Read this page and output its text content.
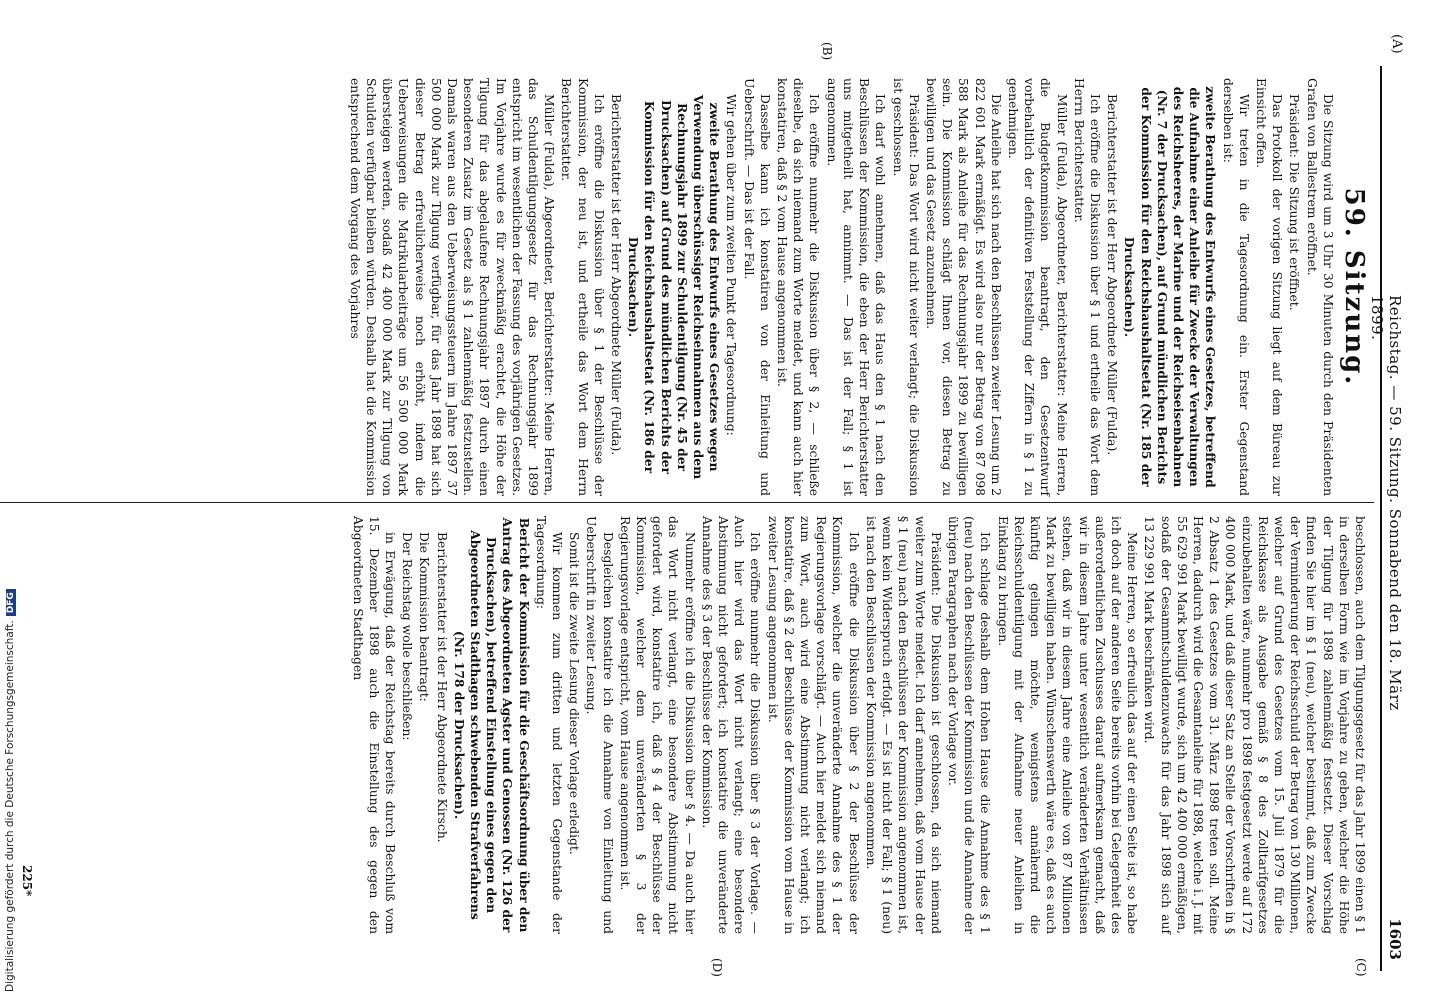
(A)
Reichstag. — 59. Sitzung. Sonnabend den 18. März 1899.
1603

59. Sitzung.

Die Sitzung wird um 3 Uhr 30 Minuten durch den Präsidenten Grafen von Ballestrem eröffnet.

Präsident: Die Sitzung ist eröffnet.

Das Protokoll der vorigen Sitzung liegt auf dem Büreau zur Einsicht offen.

Wir treten in die Tagesordnung ein. Erster Gegenstand derselben ist:

zweite Berathung des Entwurfs eines Gesetzes, betreffend die Aufnahme einer Anleihe für Zwecke der Verwaltungen des Reichsheeres, der Marine und der Reichseisenbahnen (Nr. 7 der Drucksachen), auf Grund mündlichen Berichts der Kommission für den Reichshaushaltsetat (Nr. 185 der Drucksachen).

Berichterstatter ist der Herr Abgeordnete Müller (Fulda).

Ich eröffne die Diskussion über § 1 und ertheile das Wort dem Herrn Berichterstatter.

Müller (Fulda), Abgeordneter, Berichterstatter: Meine Herren, die Budgetkommission beantragt, den Gesetzentwurf vorbehaltlich der definitiven Feststellung der Ziffern in § 1 zu genehmigen.

Die Anleihe hat sich nach den Beschlüssen zweiter Lesung um 2 822 601 Mark ermäßigt. Es wird also nur der Betrag von 87 098 588 Mark als Anleihe für das Rechnungsjahr 1899 zu bewilligen sein. Die Kommission schlägt Ihnen vor, diesen Betrag zu bewilligen und das Gesetz anzunehmen.

Präsident: Das Wort wird nicht weiter verlangt; die Diskussion ist geschlossen.

Ich darf wohl annehmen, daß das Haus den § 1 nach den Beschlüssen der Kommission, die eben der Herr Berichterstatter uns mitgetheilt hat, annimmt. — Das ist der Fall; § 1 ist angenommen.

Ich eröffne nunmehr die Diskussion über § 2, — schließe dieselbe, da sich niemand zum Worte meldet, und kann auch hier konstatiren, daß § 2 vom Hause angenommen ist.

Dasselbe kann ich konstatiren von der Einleitung und Ueberschrift. — Das ist der Fall.

Wir gehen über zum zweiten Punkt der Tagesordnung:

zweite Berathung des Entwurfs eines Gesetzes wegen Verwendung überschüssiger Reichseinnahmen aus dem Rechnungsjahr 1899 zur Schuldentilgung (Nr. 45 der Drucksachen) auf Grund des mündlichen Berichts der Kommission für den Reichshaushaltsetat (Nr. 186 der Drucksachen).

Berichterstatter ist der Herr Abgeordnete Müller (Fulda).

Ich eröffne die Diskussion über § 1 der Beschlüsse der Kommission, der neu ist, und ertheile das Wort dem Herrn Berichterstatter.

Müller (Fulda), Abgeordneter, Berichterstatter: Meine Herren, das Schuldentilgungsgesetz für das Rechnungsjahr 1899 entspricht im wesentlichen der Fassung des vorjährigen Gesetzes. Im Vorjahre wurde es für zweckmäßig erachtet, die Höhe der Tilgung für das abgelaufene Rechnungsjahr 1897 durch einen besonderen Zusatz im Gesetz als § 1 zahlenmäßig festzustellen. Damals waren aus den Ueberweisungssteuern im Jahre 1897 37 500 000 Mark zur Tilgung verfügbar, für das Jahr 1898 hat sich dieser Betrag erfreulicherweise noch erhöht, indem die Ueberweisungen die Matrikularbeiträge um 56 500 000 Mark übersteigen werden, sodaß 42 400 000 Mark zur Tilgung von Schulden verfügbar bleiben würden. Deshalb hat die Kommission entsprechend dem Vorgang des Vorjahres

beschlossen, auch dem Tilgungsgesetz für das Jahr 1899 einen § 1 in derselben Form wie im Vorjahre zu geben, welcher die Höhe der Tilgung für 1898 zahlenmäßig festsetzt. Dieser Vorschlag finden Sie hier im § 1 (neu), welcher bestimmt, daß zum Zwecke der Verminderung der Reichsschuld der Betrag von 130 Millionen, welcher auf Grund des Gesetzes vom 15. Juli 1879 für die Reichskasse als Ausgabe gemäß § 8 des Zolltarifgesetzes einzubehalten wäre, nunmehr pro 1898 festgesetzt werde auf 172 400 000 Mark, und daß dieser Satz an Stelle der Vorschriften in § 2 Absatz 1 des Gesetzes vom 31. März 1898 treten soll. Meine Herren, dadurch wird die Gesamtanleihe für 1898, welche i. J. mit 55 629 991 Mark bewilligt wurde, sich um 42 400 000 ermäßigen, sodaß der Gesammtschuldenzuwachs für das Jahr 1898 sich auf 13 229 991 Mark beschränken wird.

Meine Herren, so erfreulich das auf der einen Seite ist, so habe ich doch auf der anderen Seite bereits vorhin bei Gelegenheit des außerordentlichen Zuschusses darauf aufmerksam gemacht, daß wir in diesem Jahre unter wesentlich veränderten Verhältnissen stehen, daß wir in diesem Jahre eine Anleihe von 87 Millionen Mark zu bewilligen haben. Wünschenswerth wäre es, daß es auch künftig gelingen möchte, wenigstens annähernd die Reichsschuldentilgung mit der Aufnahme neuer Anleihen in Einklang zu bringen.

Ich schlage deshalb dem Hohen Hause die Annahme des § 1 (neu) nach den Beschlüssen der Kommission und die Annahme der übrigen Paragraphen nach der Vorlage vor.

Präsident: Die Diskussion ist geschlossen, da sich niemand weiter zum Worte meldet. Ich darf annehmen, daß vom Hause der § 1 (neu) nach den Beschlüssen der Kommission angenommen ist, wenn kein Widerspruch erfolgt. — Es ist nicht der Fall; § 1 (neu) ist nach den Beschlüssen der Kommission angenommen.

Ich eröffne die Diskussion über § 2 der Beschlüsse der Kommission, welcher die unveränderte Annahme des § 1 der Regierungsvorlage vorschlägt. — Auch hier meldet sich niemand zum Wort, auch wird eine Abstimmung nicht verlangt; ich konstatire, daß § 2 der Beschlüsse der Kommission vom Hause in zweiter Lesung angenommen ist.

Ich eröffne nunmehr die Diskussion über § 3 der Vorlage. — Auch hier wird das Wort nicht verlangt; eine besondere Abstimmung nicht gefordert; ich konstatire die unveränderte Annahme des § 3 der Beschlüsse der Kommission.

Nunmehr eröffne ich die Diskussion über § 4. — Da auch hier das Wort nicht verlangt, eine besondere Abstimmung nicht gefordert wird, konstatire ich, daß § 4 der Beschlüsse der Kommission, welcher dem unveränderten § 3 der Regierungsvorlage entspricht, vom Hause angenommen ist.

Desgleichen konstatire ich die Annahme von Einleitung und Ueberschrift in zweiter Lesung.

Somit ist die zweite Lesung dieser Vorlage erledigt.

Wir kommen zum dritten und letzten Gegenstande der Tagesordnung:

Bericht der Kommission für die Geschäftsordnung über den Antrag des Abgeordneten Agster und Genossen (Nr. 126 der Drucksachen), betreffend Einstellung eines gegen den Abgeordneten Stadthagen schwebenden Strafverfahrens (Nr. 178 der Drucksachen).

Berichterstatter ist der Herr Abgeordnete Kirsch.

Die Kommission beantragt:

Der Reichstag wolle beschließen:

in Erwägung, daß der Reichstag bereits durch Beschluß vom 15. Dezember 1898 auch die Einstellung des gegen den Abgeordneten Stadthagen

(B)
(C)
(D)
225*
Digitalisierung gefördert durch die Deutsche Forschungsgemeinschaft.DFG
